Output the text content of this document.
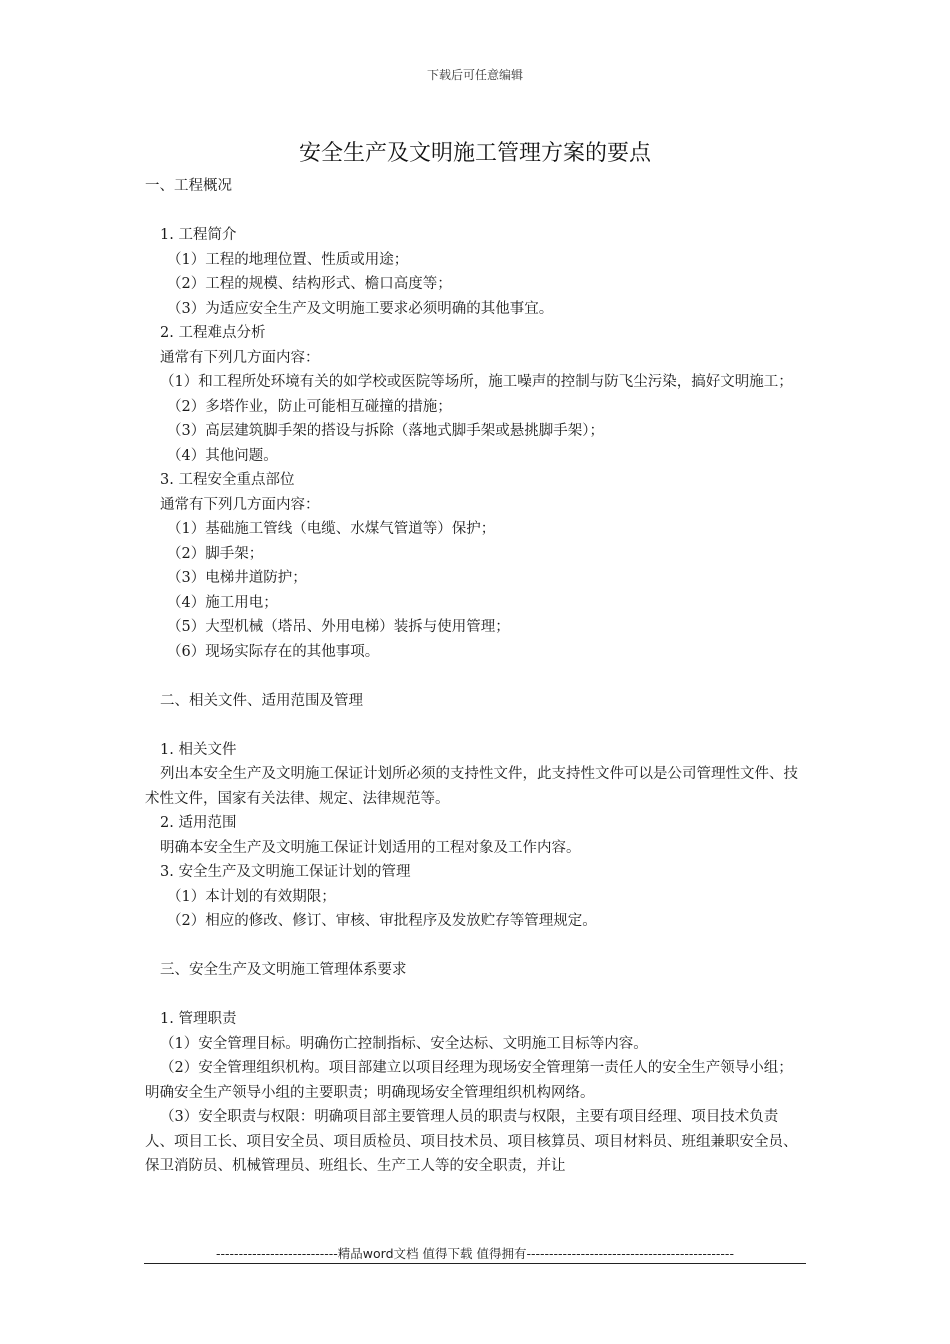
下载后可任意编辑
安全生产及文明施工管理方案的要点

一、工程概况

1. 工程简介

（1）工程的地理位置、性质或用途；

（2）工程的规模、结构形式、檐口高度等；

（3）为适应安全生产及文明施工要求必须明确的其他事宜。

2. 工程难点分析

通常有下列几方面内容：

（1）和工程所处环境有关的如学校或医院等场所，施工噪声的控制与防飞尘污染，搞好文明施工；

（2）多塔作业，防止可能相互碰撞的措施；

（3）高层建筑脚手架的搭设与拆除（落地式脚手架或悬挑脚手架）；

（4）其他问题。

3. 工程安全重点部位

通常有下列几方面内容：

（1）基础施工管线（电缆、水煤气管道等）保护；

（2）脚手架；

（3）电梯井道防护；

（4）施工用电；

（5）大型机械（塔吊、外用电梯）装拆与使用管理；

（6）现场实际存在的其他事项。

二、相关文件、适用范围及管理

1. 相关文件

列出本安全生产及文明施工保证计划所必须的支持性文件，此支持性文件可以是公司管理性文件、技术性文件，国家有关法律、规定、法律规范等。

2. 适用范围

明确本安全生产及文明施工保证计划适用的工程对象及工作内容。

3. 安全生产及文明施工保证计划的管理

（1）本计划的有效期限；

（2）相应的修改、修订、审核、审批程序及发放贮存等管理规定。

三、安全生产及文明施工管理体系要求

1. 管理职责

（1）安全管理目标。明确伤亡控制指标、安全达标、文明施工目标等内容。

（2）安全管理组织机构。项目部建立以项目经理为现场安全管理第一责任人的安全生产领导小组；明确安全生产领导小组的主要职责；明确现场安全管理组织机构网络。

（3）安全职责与权限：明确项目部主要管理人员的职责与权限，主要有项目经理、项目技术负责人、项目工长、项目安全员、项目质检员、项目技术员、项目核算员、项目材料员、班组兼职安全员、保卫消防员、机械管理员、班组长、生产工人等的安全职责，并让

---------------------------精品word文档 值得下载 值得拥有----------------------------------------------
